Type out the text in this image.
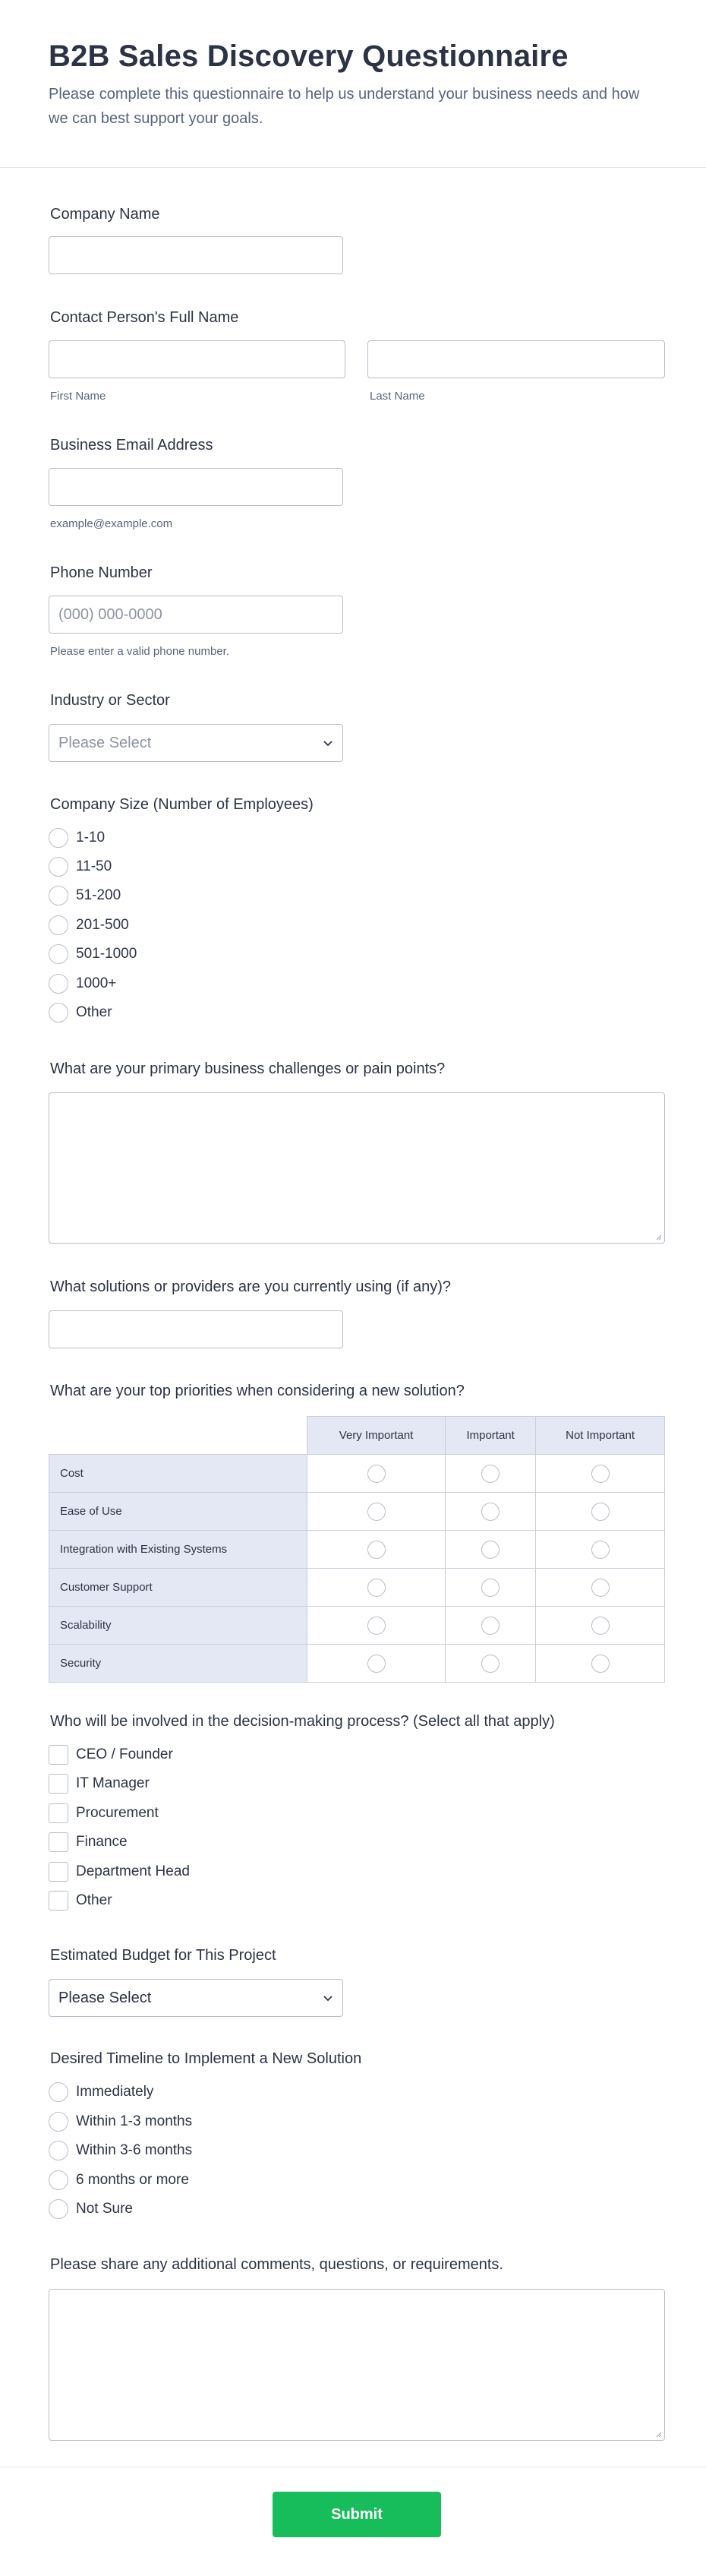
B2B Sales Discovery Questionnaire

Please complete this questionnaire to help us understand your business needs and how we can best support your goals.

Company Name
Contact Person's Full Name
First Name	Last Name
Business Email Address
example@example.com
Phone Number
(000) 000-0000
Please enter a valid phone number.
Industry or Sector
Please Select
Company Size (Number of Employees)
1-10
11-50
51-200
201-500
501-1000
1000+
Other
What are your primary business challenges or pain points?
What solutions or providers are you currently using (if any)?
What are your top priorities when considering a new solution?
	Very Important	Important	Not Important
Cost			
Ease of Use			
Integration with Existing Systems			
Customer Support			
Scalability			
Security			
Who will be involved in the decision-making process? (Select all that apply)
CEO / Founder
IT Manager
Procurement
Finance
Department Head
Other
Estimated Budget for This Project
Please Select
Desired Timeline to Implement a New Solution
Immediately
Within 1-3 months
Within 3-6 months
6 months or more
Not Sure
Please share any additional comments, questions, or requirements.
Submit
